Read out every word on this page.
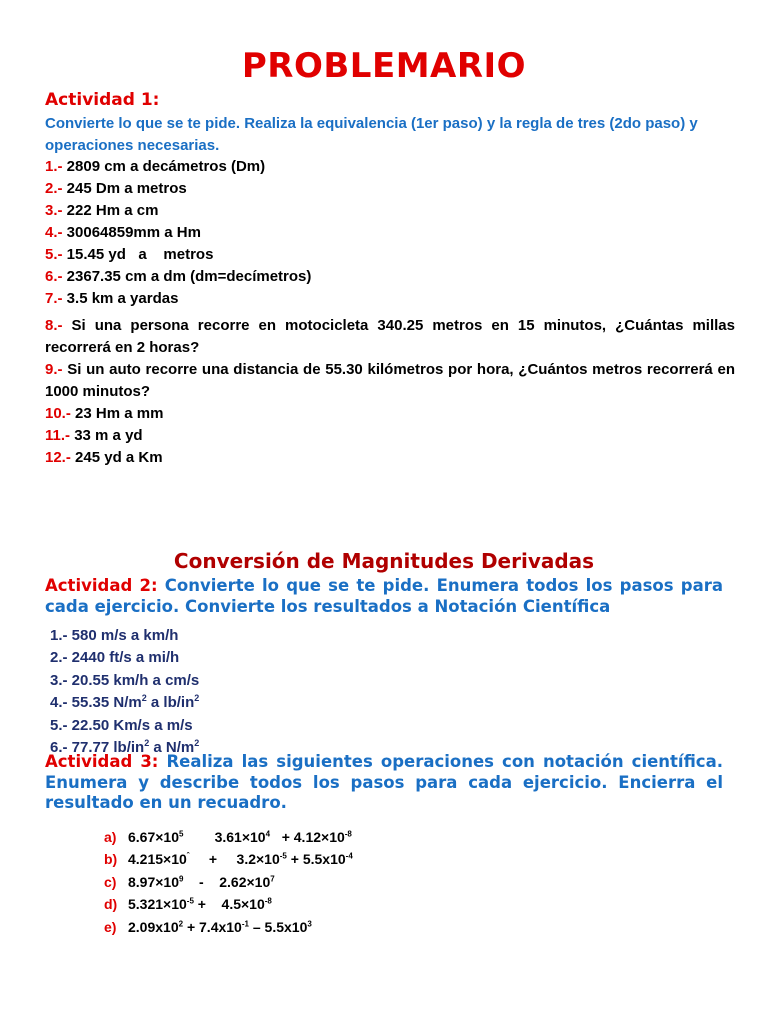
PROBLEMARIO
Actividad 1:
Convierte lo que se te pide. Realiza la equivalencia (1er paso) y la regla de tres (2do paso) y operaciones necesarias.
1.- 2809 cm a decámetros (Dm)
2.- 245 Dm a metros
3.- 222 Hm a cm
4.- 30064859mm a Hm
5.- 15.45 yd   a    metros
6.- 2367.35 cm a dm (dm=decímetros)
7.- 3.5 km a yardas
8.- Si una persona recorre en motocicleta 340.25 metros en 15 minutos, ¿Cuántas millas recorrerá en 2 horas?
9.- Si un auto recorre una distancia de 55.30 kilómetros por hora, ¿Cuántos metros recorrerá en 1000 minutos?
10.- 23 Hm a mm
11.- 33 m a yd
12.- 245 yd a Km
Conversión de Magnitudes Derivadas
Actividad 2: Convierte lo que se te pide. Enumera todos los pasos para cada ejercicio. Convierte los resultados a Notación Científica
1.- 580 m/s a km/h
2.- 2440 ft/s a mi/h
3.- 20.55 km/h a cm/s
4.- 55.35 $N/m^2$ a $lb/in^2$
5.- 22.50 Km/s a m/s
6.- 77.77 $lb/in^2$ a $N/m^2$
Actividad 3: Realiza las siguientes operaciones con notación científica. Enumera y describe todos los pasos para cada ejercicio. Encierra el resultado en un recuadro.
a) $6.67\times 10^5$        $3.61\times 10^4 + 4.12\times 10^{-8}$
b) $4.215\times 10^ˆ$     +     $3.2\times 10^{-5} + 5.5x10^{-4}$
c) $8.97\times 10^9$    -    $2.62\times 10^7$
d) $5.321\times 10^{-5}$ +    $4.5\times 10^{-8}$
e) $2.09x10^2 + 7.4x10^{-1} - 5.5x10^3$
